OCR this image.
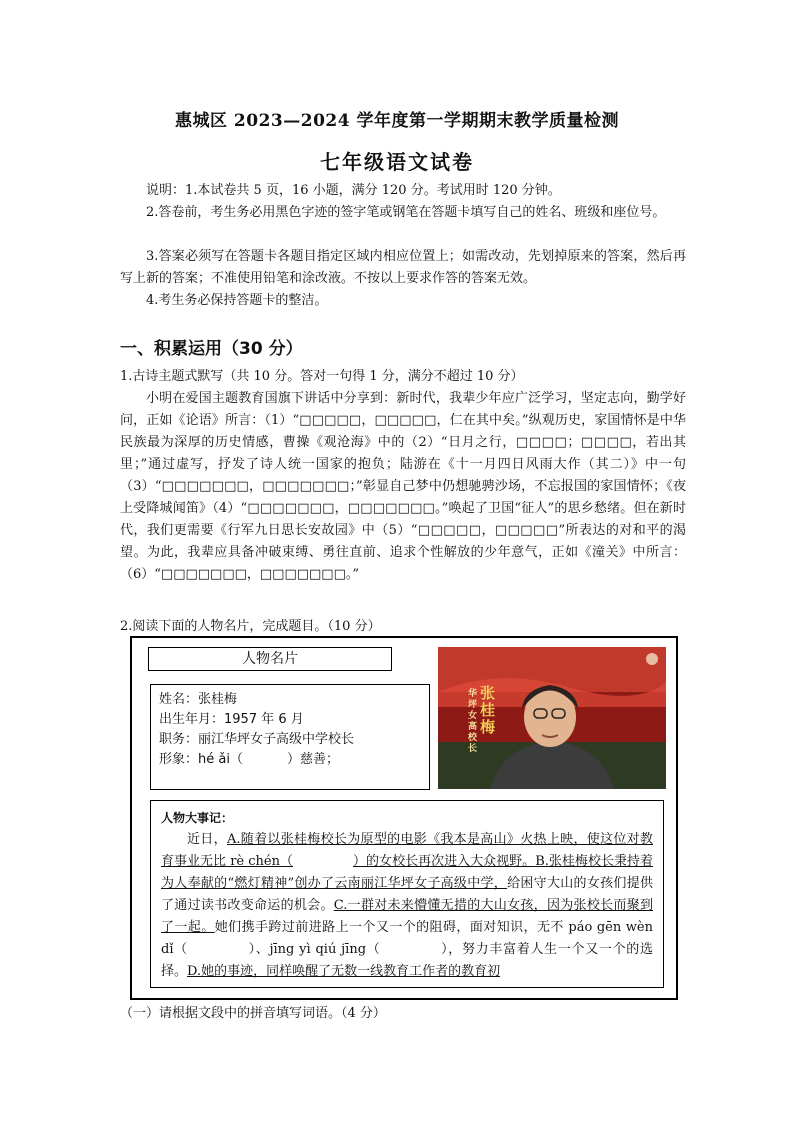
惠城区 2023—2024 学年度第一学期期末教学质量检测
七年级语文试卷
说明：1.本试卷共 5 页，16 小题，满分 120 分。考试用时 120 分钟。
2.答卷前，考生务必用黑色字迹的签字笔或钢笔在答题卡填写自己的姓名、班级和座位号。
3.答案必须写在答题卡各题目指定区域内相应位置上；如需改动，先划掉原来的答案，然后再写上新的答案；不准使用铅笔和涂改液。不按以上要求作答的答案无效。
4.考生务必保持答题卡的整洁。
一、积累运用（30 分）
1.古诗主题式默写（共 10 分。答对一句得 1 分，满分不超过 10 分）
小明在爱国主题教育国旗下讲话中分享到：新时代，我辈少年应广泛学习，坚定志向，勤学好问，正如《论语》所言：（1）“□□□□□，□□□□□，仁在其中矣。”纵观历史，家国情怀是中华民族最为深厚的历史情感，曹操《观沧海》中的（2）“日月之行，□□□□；□□□□，若出其里；”通过虚写，抒发了诗人统一国家的抱负；陆游在《十一月四日风雨大作（其二）》中一句（3）“□□□□□□□，□□□□□□□；”彰显自己梦中仍想驰骋沙场，不忘报国的家国情怀；《夜上受降城闻笛》（4）“□□□□□□□，□□□□□□□。”唤起了卫国“征人”的思乡愁绪。但在新时代，我们更需要《行军九日思长安故园》中（5）“□□□□□，□□□□□”所表达的对和平的渴望。为此，我辈应具备冲破束缚、勇往直前、追求个性解放的少年意气，正如《潼关》中所言：（6）“□□□□□□□，□□□□□□□。”
2.阅读下面的人物名片，完成题目。（10 分）
人物名片
姓名：张桂梅
出生年月：1957 年 6 月
职务：丽江华坪女子高级中学校长
形象：hé ǎi（	）慈善；
华坪女高校长
张桂梅
人物大事记：
近日，A.随着以张桂梅校长为原型的电影《我本是高山》火热上映，使这位对教育事业无比 rè chén（	）的女校长再次进入大众视野。B.张桂梅校长秉持着为人奉献的“燃灯精神”创办了云南丽江华坪女子高级中学，给困守大山的女孩们提供了通过读书改变命运的机会。C.一群对未来懵懂无措的大山女孩，因为张校长而聚到了一起。她们携手跨过前进路上一个又一个的阻碍，面对知识，无不 páo gēn wèn dǐ（	）、jīng yì qiú jīng（	），努力丰富着人生一个又一个的选择。D.她的事迹，同样唤醒了无数一线教育工作者的教育初
（一）请根据文段中的拼音填写词语。（4 分）
